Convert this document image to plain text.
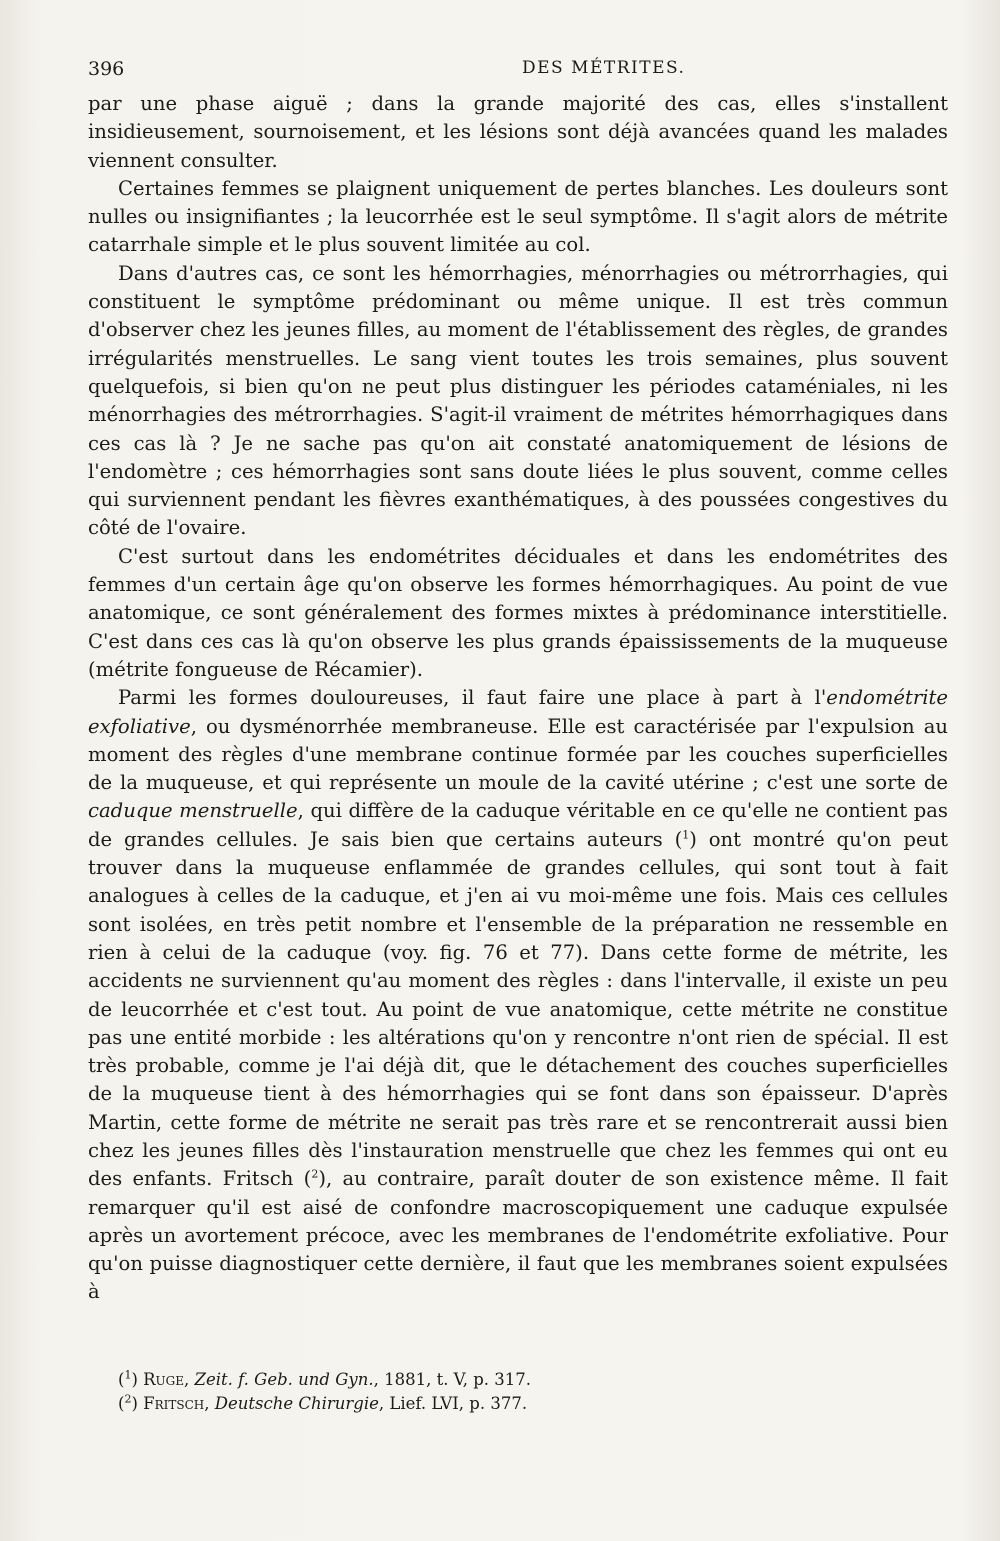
396	DES MÉTRITES.

par une phase aiguë ; dans la grande majorité des cas, elles s'installent insidieusement, sournoisement, et les lésions sont déjà avancées quand les malades viennent consulter.

Certaines femmes se plaignent uniquement de pertes blanches. Les douleurs sont nulles ou insignifiantes ; la leucorrhée est le seul symptôme. Il s'agit alors de métrite catarrhale simple et le plus souvent limitée au col.

Dans d'autres cas, ce sont les hémorrhagies, ménorrhagies ou métrorrhagies, qui constituent le symptôme prédominant ou même unique. Il est très commun d'observer chez les jeunes filles, au moment de l'établissement des règles, de grandes irrégularités menstruelles. Le sang vient toutes les trois semaines, plus souvent quelquefois, si bien qu'on ne peut plus distinguer les périodes cataméniales, ni les ménorrhagies des métrorrhagies. S'agit-il vraiment de métrites hémorrhagiques dans ces cas là ? Je ne sache pas qu'on ait constaté anatomiquement de lésions de l'endomètre ; ces hémorrhagies sont sans doute liées le plus souvent, comme celles qui surviennent pendant les fièvres exanthématiques, à des poussées congestives du côté de l'ovaire.

C'est surtout dans les endométrites déciduales et dans les endométrites des femmes d'un certain âge qu'on observe les formes hémorrhagiques. Au point de vue anatomique, ce sont généralement des formes mixtes à prédominance interstitielle. C'est dans ces cas là qu'on observe les plus grands épaississements de la muqueuse (métrite fongueuse de Récamier).

Parmi les formes douloureuses, il faut faire une place à part à l'endométrite exfoliative, ou dysménorrhée membraneuse. Elle est caractérisée par l'expulsion au moment des règles d'une membrane continue formée par les couches superficielles de la muqueuse, et qui représente un moule de la cavité utérine ; c'est une sorte de caduque menstruelle, qui diffère de la caduque véritable en ce qu'elle ne contient pas de grandes cellules. Je sais bien que certains auteurs ($^1$) ont montré qu'on peut trouver dans la muqueuse enflammée de grandes cellules, qui sont tout à fait analogues à celles de la caduque, et j'en ai vu moi-même une fois. Mais ces cellules sont isolées, en très petit nombre et l'ensemble de la préparation ne ressemble en rien à celui de la caduque (voy. fig. 76 et 77). Dans cette forme de métrite, les accidents ne surviennent qu'au moment des règles : dans l'intervalle, il existe un peu de leucorrhée et c'est tout. Au point de vue anatomique, cette métrite ne constitue pas une entité morbide : les altérations qu'on y rencontre n'ont rien de spécial. Il est très probable, comme je l'ai déjà dit, que le détachement des couches superficielles de la muqueuse tient à des hémorrhagies qui se font dans son épaisseur. D'après Martin, cette forme de métrite ne serait pas très rare et se rencontrerait aussi bien chez les jeunes filles dès l'instauration menstruelle que chez les femmes qui ont eu des enfants. Fritsch ($^2$), au contraire, paraît douter de son existence même. Il fait remarquer qu'il est aisé de confondre macroscopiquement une caduque expulsée après un avortement précoce, avec les membranes de l'endométrite exfoliative. Pour qu'on puisse diagnostiquer cette dernière, il faut que les membranes soient expulsées à

($^1$) Ruge, Zeit. f. Geb. und Gyn., 1881, t. V, p. 317.

($^2$) Fritsch, Deutsche Chirurgie, Lief. LVI, p. 377.
